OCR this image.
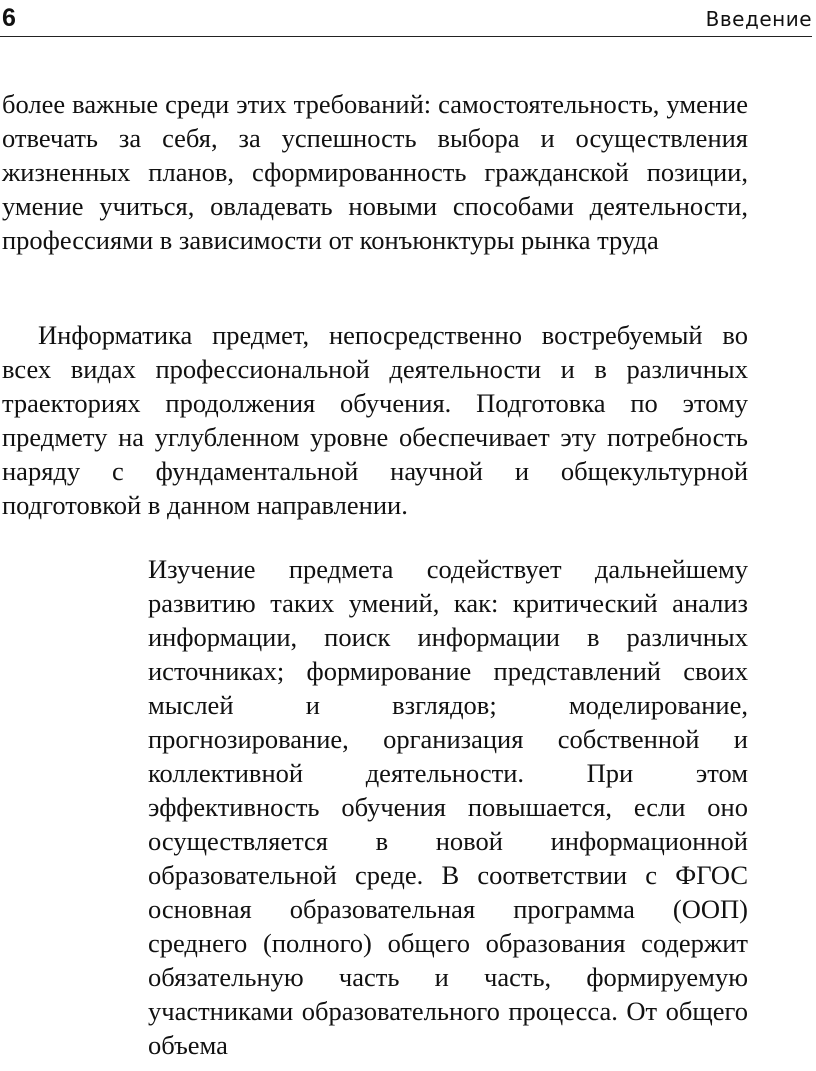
6	Введение

более важные среди этих требований: самостоятельность, умение отвечать за себя, за успешность выбора и осуществления жизненных планов, сформированность гражданской позиции, умение учиться, овладевать новыми способами деятельности, профессиями в зависимости от конъюнктуры рынка труда

Информатика предмет, непосредственно востребуемый во всех видах профессиональной деятельности и в различных траекториях продолжения обучения. Подготовка по этому предмету на углубленном уровне обеспечивает эту потребность наряду с фундаментальной научной и общекультурной подготовкой в данном направлении.

Изучение предмета содействует дальнейшему развитию таких умений, как: критический анализ информации, поиск информации в различных источниках; формирование представлений своих мыслей и взглядов; моделирование, прогнозирование, организация собственной и коллективной деятельности. При этом эффективность обучения повышается, если оно осуществляется в новой информационной образовательной среде. В соответствии с ФГОС основная образовательная программа (ООП) среднего (полного) общего образования содержит обязательную часть и часть, формируемую участниками образовательного процесса. От общего объема
